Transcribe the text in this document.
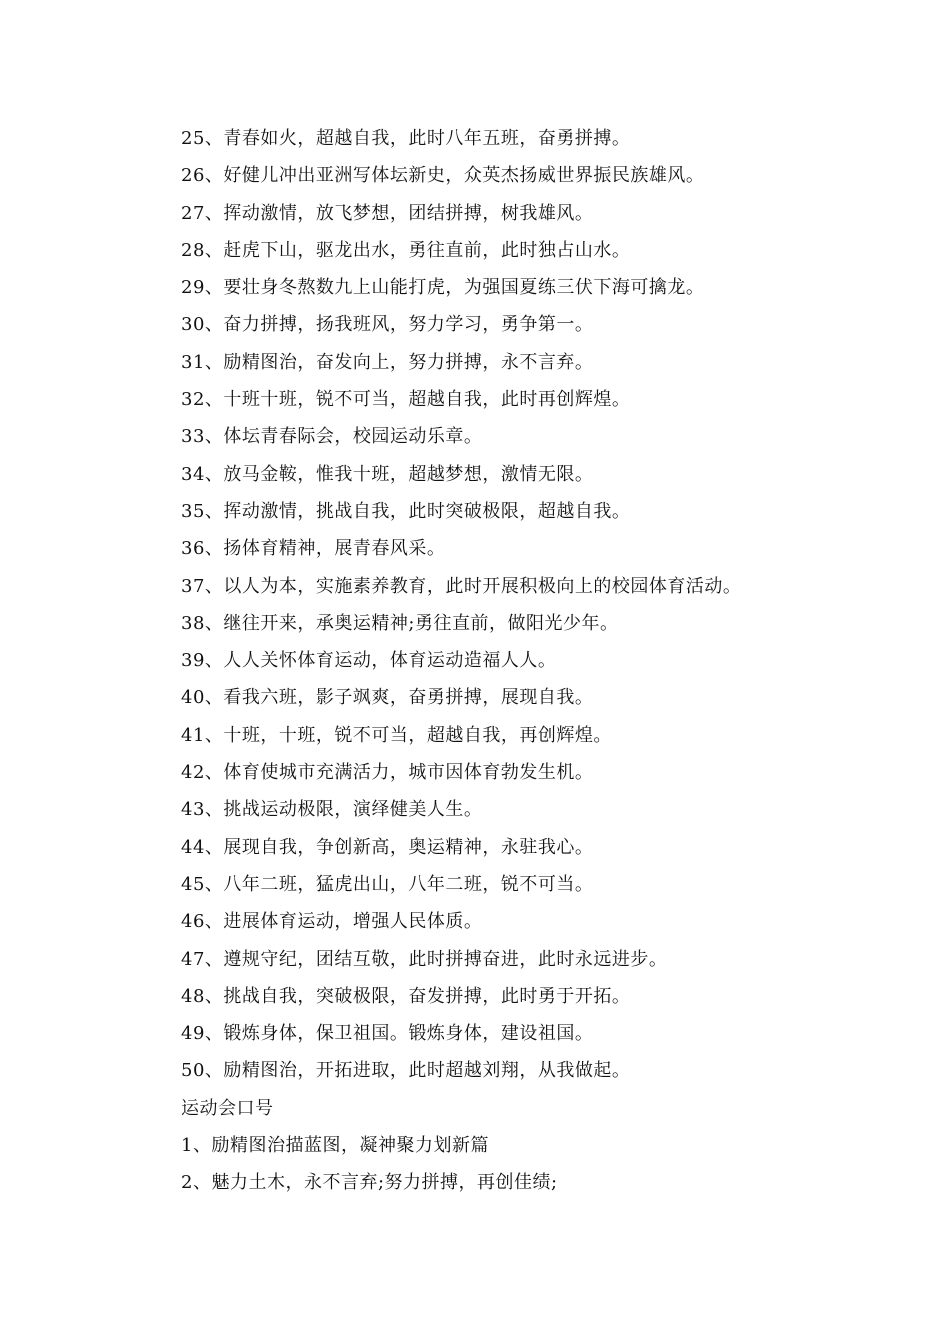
25、青春如火，超越自我，此时八年五班，奋勇拼搏。
26、好健儿冲出亚洲写体坛新史，众英杰扬威世界振民族雄风。
27、挥动激情，放飞梦想，团结拼搏，树我雄风。
28、赶虎下山，驱龙出水，勇往直前，此时独占山水。
29、要壮身冬熬数九上山能打虎，为强国夏练三伏下海可擒龙。
30、奋力拼搏，扬我班风，努力学习，勇争第一。
31、励精图治，奋发向上，努力拼搏，永不言弃。
32、十班十班，锐不可当，超越自我，此时再创辉煌。
33、体坛青春际会，校园运动乐章。
34、放马金鞍，惟我十班，超越梦想，激情无限。
35、挥动激情，挑战自我，此时突破极限，超越自我。
36、扬体育精神，展青春风采。
37、以人为本，实施素养教育，此时开展积极向上的校园体育活动。
38、继往开来，承奥运精神;勇往直前，做阳光少年。
39、人人关怀体育运动，体育运动造福人人。
40、看我六班，影子飒爽，奋勇拼搏，展现自我。
41、十班，十班，锐不可当，超越自我，再创辉煌。
42、体育使城市充满活力，城市因体育勃发生机。
43、挑战运动极限，演绎健美人生。
44、展现自我，争创新高，奥运精神，永驻我心。
45、八年二班，猛虎出山，八年二班，锐不可当。
46、进展体育运动，增强人民体质。
47、遵规守纪，团结互敬，此时拼搏奋进，此时永远进步。
48、挑战自我，突破极限，奋发拼搏，此时勇于开拓。
49、锻炼身体，保卫祖国。锻炼身体，建设祖国。
50、励精图治，开拓进取，此时超越刘翔，从我做起。
运动会口号
1、励精图治描蓝图，凝神聚力划新篇
2、魅力土木，永不言弃;努力拼搏，再创佳绩;
